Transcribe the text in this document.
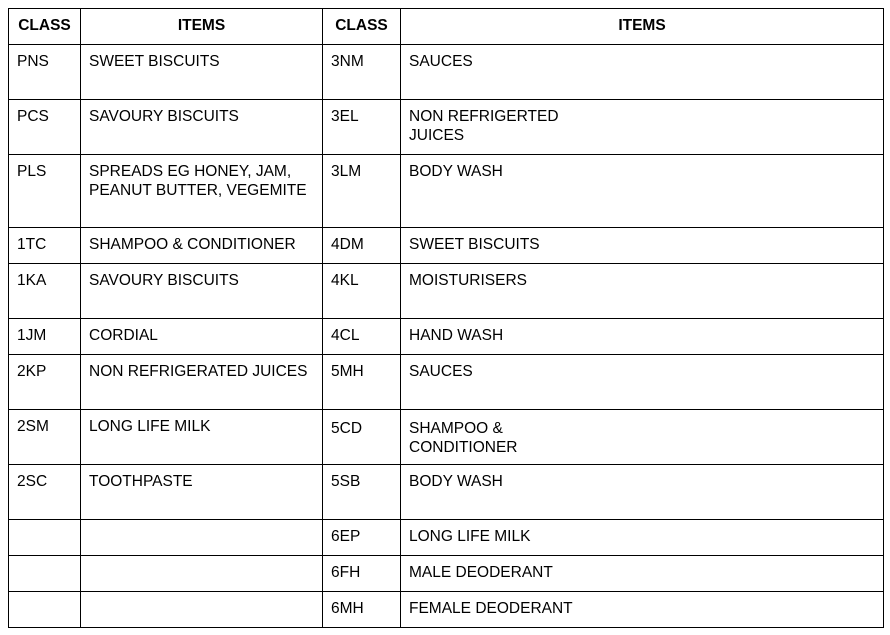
CLASS	ITEMS	CLASS	ITEMS
PNS	SWEET BISCUITS	3NM	SAUCES
PCS	SAVOURY BISCUITS	3EL	NON REFRIGERTED JUICES
PLS	SPREADS EG HONEY, JAM, PEANUT BUTTER, VEGEMITE	3LM	BODY WASH
1TC	SHAMPOO & CONDITIONER	4DM	SWEET BISCUITS
1KA	SAVOURY BISCUITS	4KL	MOISTURISERS
1JM	CORDIAL	4CL	HAND WASH
2KP	NON REFRIGERATED JUICES	5MH	SAUCES
2SM	LONG LIFE MILK	5CD	SHAMPOO & CONDITIONER
2SC	TOOTHPASTE	5SB	BODY WASH
		6EP	LONG LIFE MILK
		6FH	MALE DEODERANT
		6MH	FEMALE DEODERANT
